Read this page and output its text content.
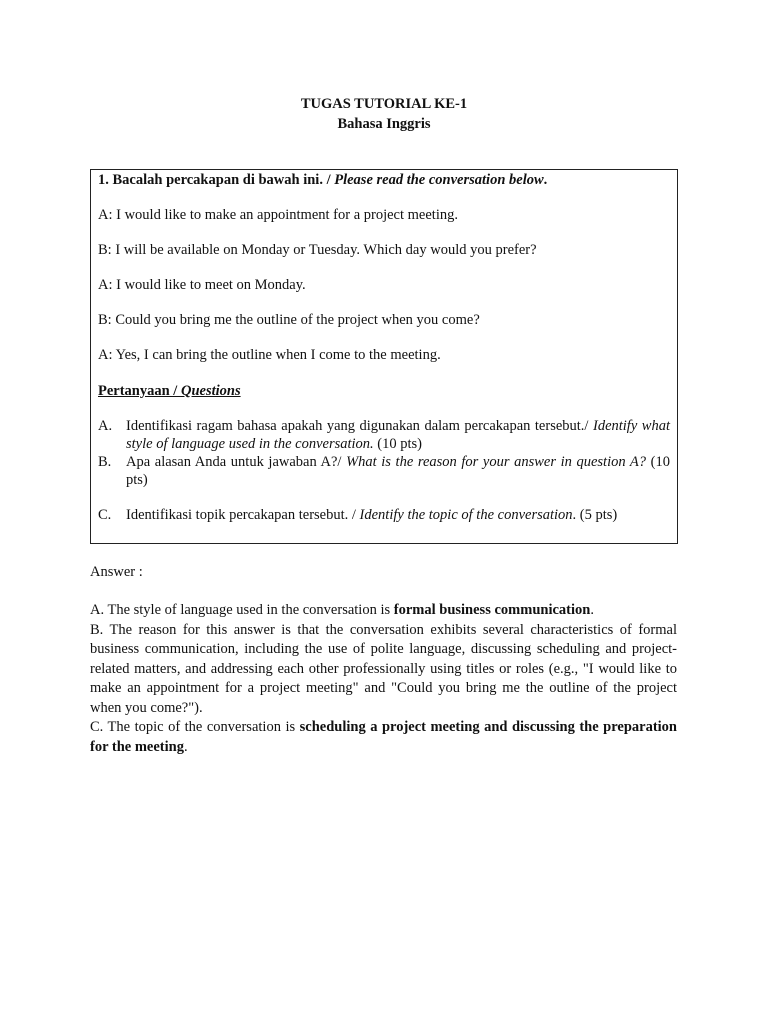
TUGAS TUTORIAL KE-1
Bahasa Inggris

1. Bacalah percakapan di bawah ini. / Please read the conversation below.

A: I would like to make an appointment for a project meeting.

B: I will be available on Monday or Tuesday. Which day would you prefer?

A: I would like to meet on Monday.

B: Could you bring me the outline of the project when you come?

A: Yes, I can bring the outline when I come to the meeting.

Pertanyaan / Questions

A. Identifikasi ragam bahasa apakah yang digunakan dalam percakapan tersebut./ Identify what style of language used in the conversation. (10 pts)
B.	Apa alasan Anda untuk jawaban A?/ What is the reason for your answer in question A? (10 pts)
C.	Identifikasi topik percakapan tersebut. / Identify the topic of the conversation. (5 pts)
Answer :

A. The style of language used in the conversation is formal business communication.

B. The reason for this answer is that the conversation exhibits several characteristics of formal business communication, including the use of polite language, discussing scheduling and project-related matters, and addressing each other professionally using titles or roles (e.g., "I would like to make an appointment for a project meeting" and "Could you bring me the outline of the project when you come?").

C. The topic of the conversation is scheduling a project meeting and discussing the preparation for the meeting.
